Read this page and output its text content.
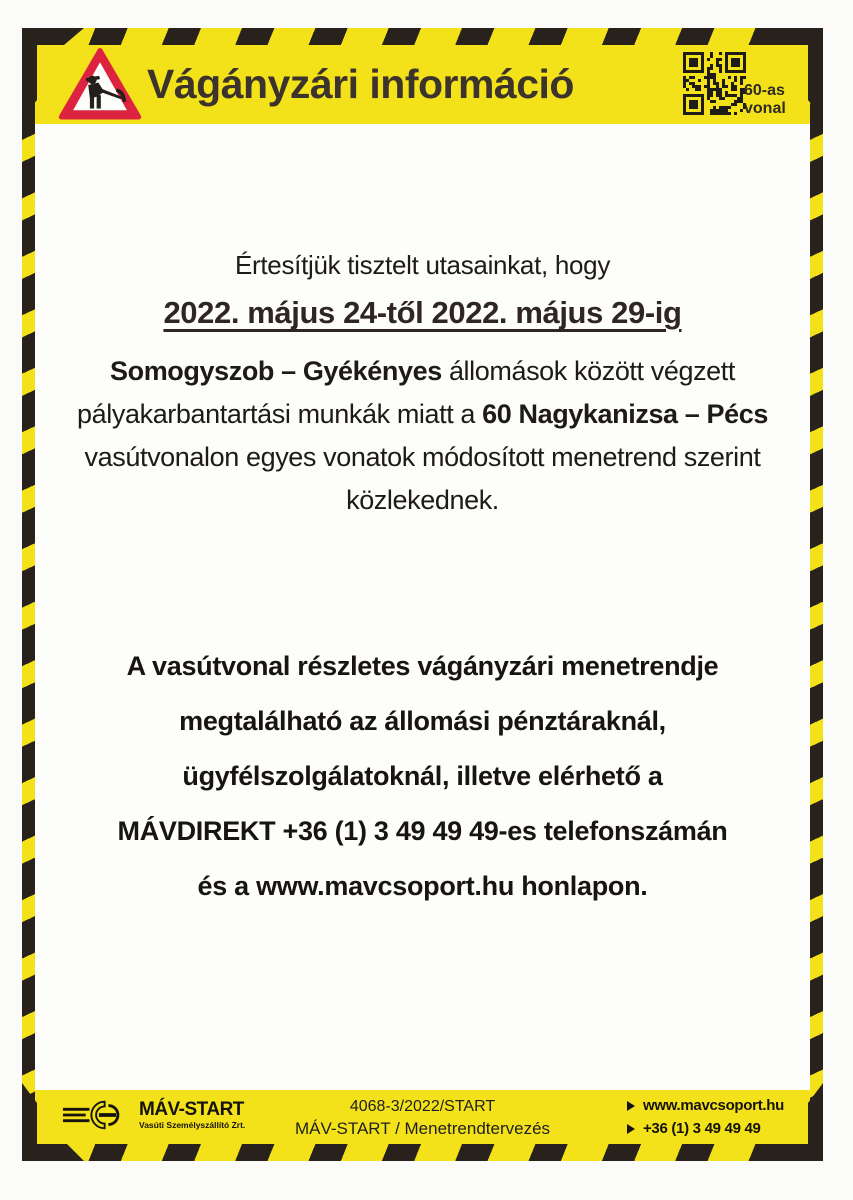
Vágányzári információ	60-as
vonal
Értesítjük tisztelt utasainkat, hogy
2022. május 24-től 2022. május 29-ig
Somogyszob – Gyékényes állomások között végzett pályakarbantartási munkák miatt a 60 Nagykanizsa – Pécs vasútvonalon egyes vonatok módosított menetrend szerint közlekednek.
A vasútvonal részletes vágányzári menetrendje
megtalálható az állomási pénztáraknál,
ügyfélszolgálatoknál, illetve elérhető a
MÁVDIREKT +36 (1) 3 49 49 49-es telefonszámán
és a www.mavcsoport.hu honlapon.
MÁV-START
Vasúti Személyszállító Zrt.
4068-3/2022/START
MÁV-START / Menetrendtervezés
www.mavcsoport.hu
+36 (1) 3 49 49 49
